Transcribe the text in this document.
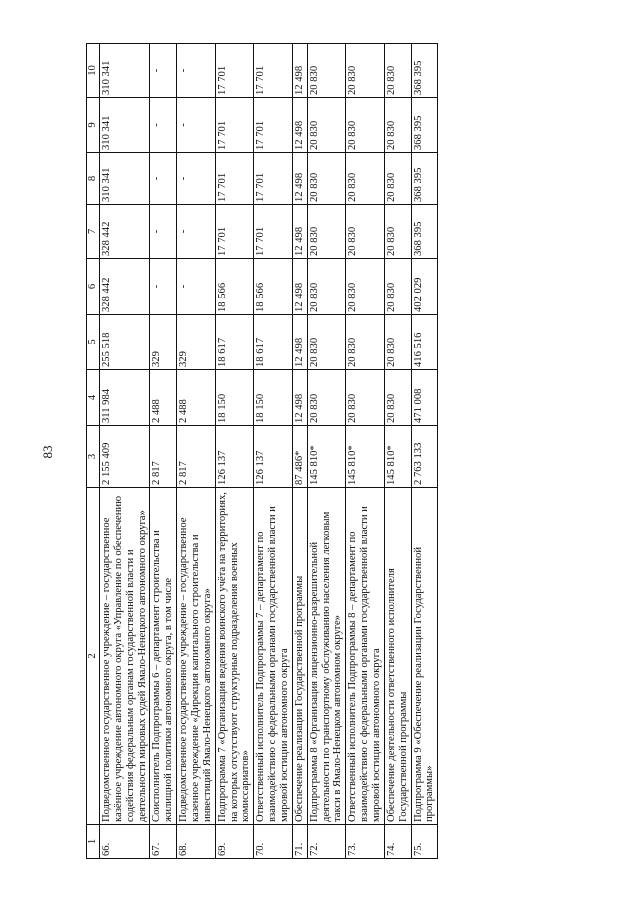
83
1	2	3	4	5	6	7	8	9	10
66.	Подведомственное государственное учреждение – государственное казённое учреждение автономного округа «Управление по обеспечению содействия федеральным органам государственной власти и деятельности мировых судей Ямало-Ненецкого автономного округа»	2 155 409	311 984	255 518	328 442	328 442	310 341	310 341	310 341
67.	Соисполнитель Подпрограммы 6 – департамент строительства и жилищной политики автономного округа, в том числе	2 817	2 488	329	-	-	-	-	-
68.	Подведомственное государственное учреждение – государственное казенное учреждение «Дирекция капитального строительства и инвестиций Ямало-Ненецкого автономного округа»	2 817	2 488	329	-	-	-	-	-
69.	Подпрограмма 7 «Организация ведения воинского учёта на территориях, на которых отсутствуют структурные подразделения военных комиссариатов»	126 137	18 150	18 617	18 566	17 701	17 701	17 701	17 701
70.	Ответственный исполнитель Подпрограммы 7 – департамент по взаимодействию с федеральными органами государственной власти и мировой юстиции автономного округа	126 137	18 150	18 617	18 566	17 701	17 701	17 701	17 701
71.	Обеспечение реализации Государственной программы	87 486*	12 498	12 498	12 498	12 498	12 498	12 498	12 498
72.	Подпрограмма 8 «Организация лицензионно-разрешительной деятельности по транспортному обслуживанию населения легковым такси в Ямало-Ненецком автономном округе»	145 810*	20 830	20 830	20 830	20 830	20 830	20 830	20 830
73.	Ответственный исполнитель Подпрограммы 8 – департамент по взаимодействию с федеральными органами государственной власти и мировой юстиции автономного округа	145 810*	20 830	20 830	20 830	20 830	20 830	20 830	20 830
74.	Обеспечение деятельности ответственного исполнителя Государственной программы	145 810*	20 830	20 830	20 830	20 830	20 830	20 830	20 830
75.	Подпрограмма 9 «Обеспечение реализации Государственной программы»	2 763 133	471 008	416 516	402 029	368 395	368 395	368 395	368 395
